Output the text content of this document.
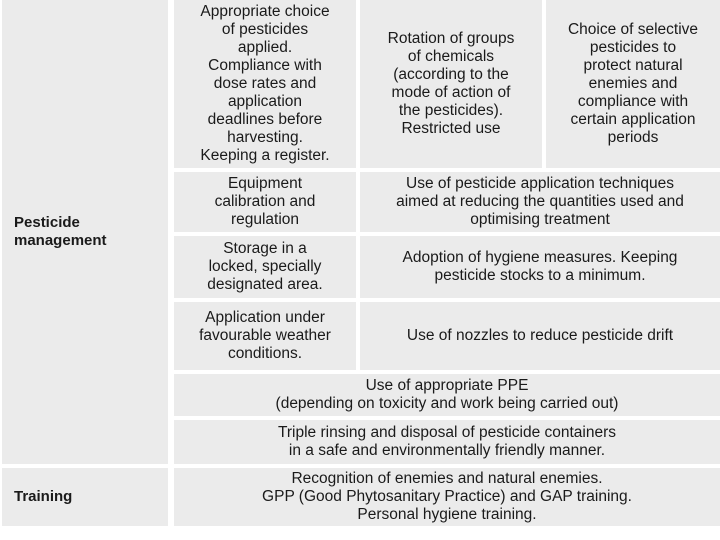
Pesticide
management
Training
Appropriate choice
of pesticides
applied.
Compliance with
dose rates and
application
deadlines before
harvesting.
Keeping a register.
Rotation of groups
of chemicals
(according to the
mode of action of
the pesticides).
Restricted use
Choice of selective
pesticides to
protect natural
enemies and
compliance with
certain application
periods
Equipment
calibration and
regulation
Use of pesticide application techniques
aimed at reducing the quantities used and
optimising treatment
Storage in a
locked, specially
designated area.
Adoption of hygiene measures. Keeping
pesticide stocks to a minimum.
Application under
favourable weather
conditions.
Use of nozzles to reduce pesticide drift
Use of appropriate PPE
(depending on toxicity and work being carried out)
Triple rinsing and disposal of pesticide containers
in a safe and environmentally friendly manner.
Recognition of enemies and natural enemies.
GPP (Good Phytosanitary Practice) and GAP training.
Personal hygiene training.
